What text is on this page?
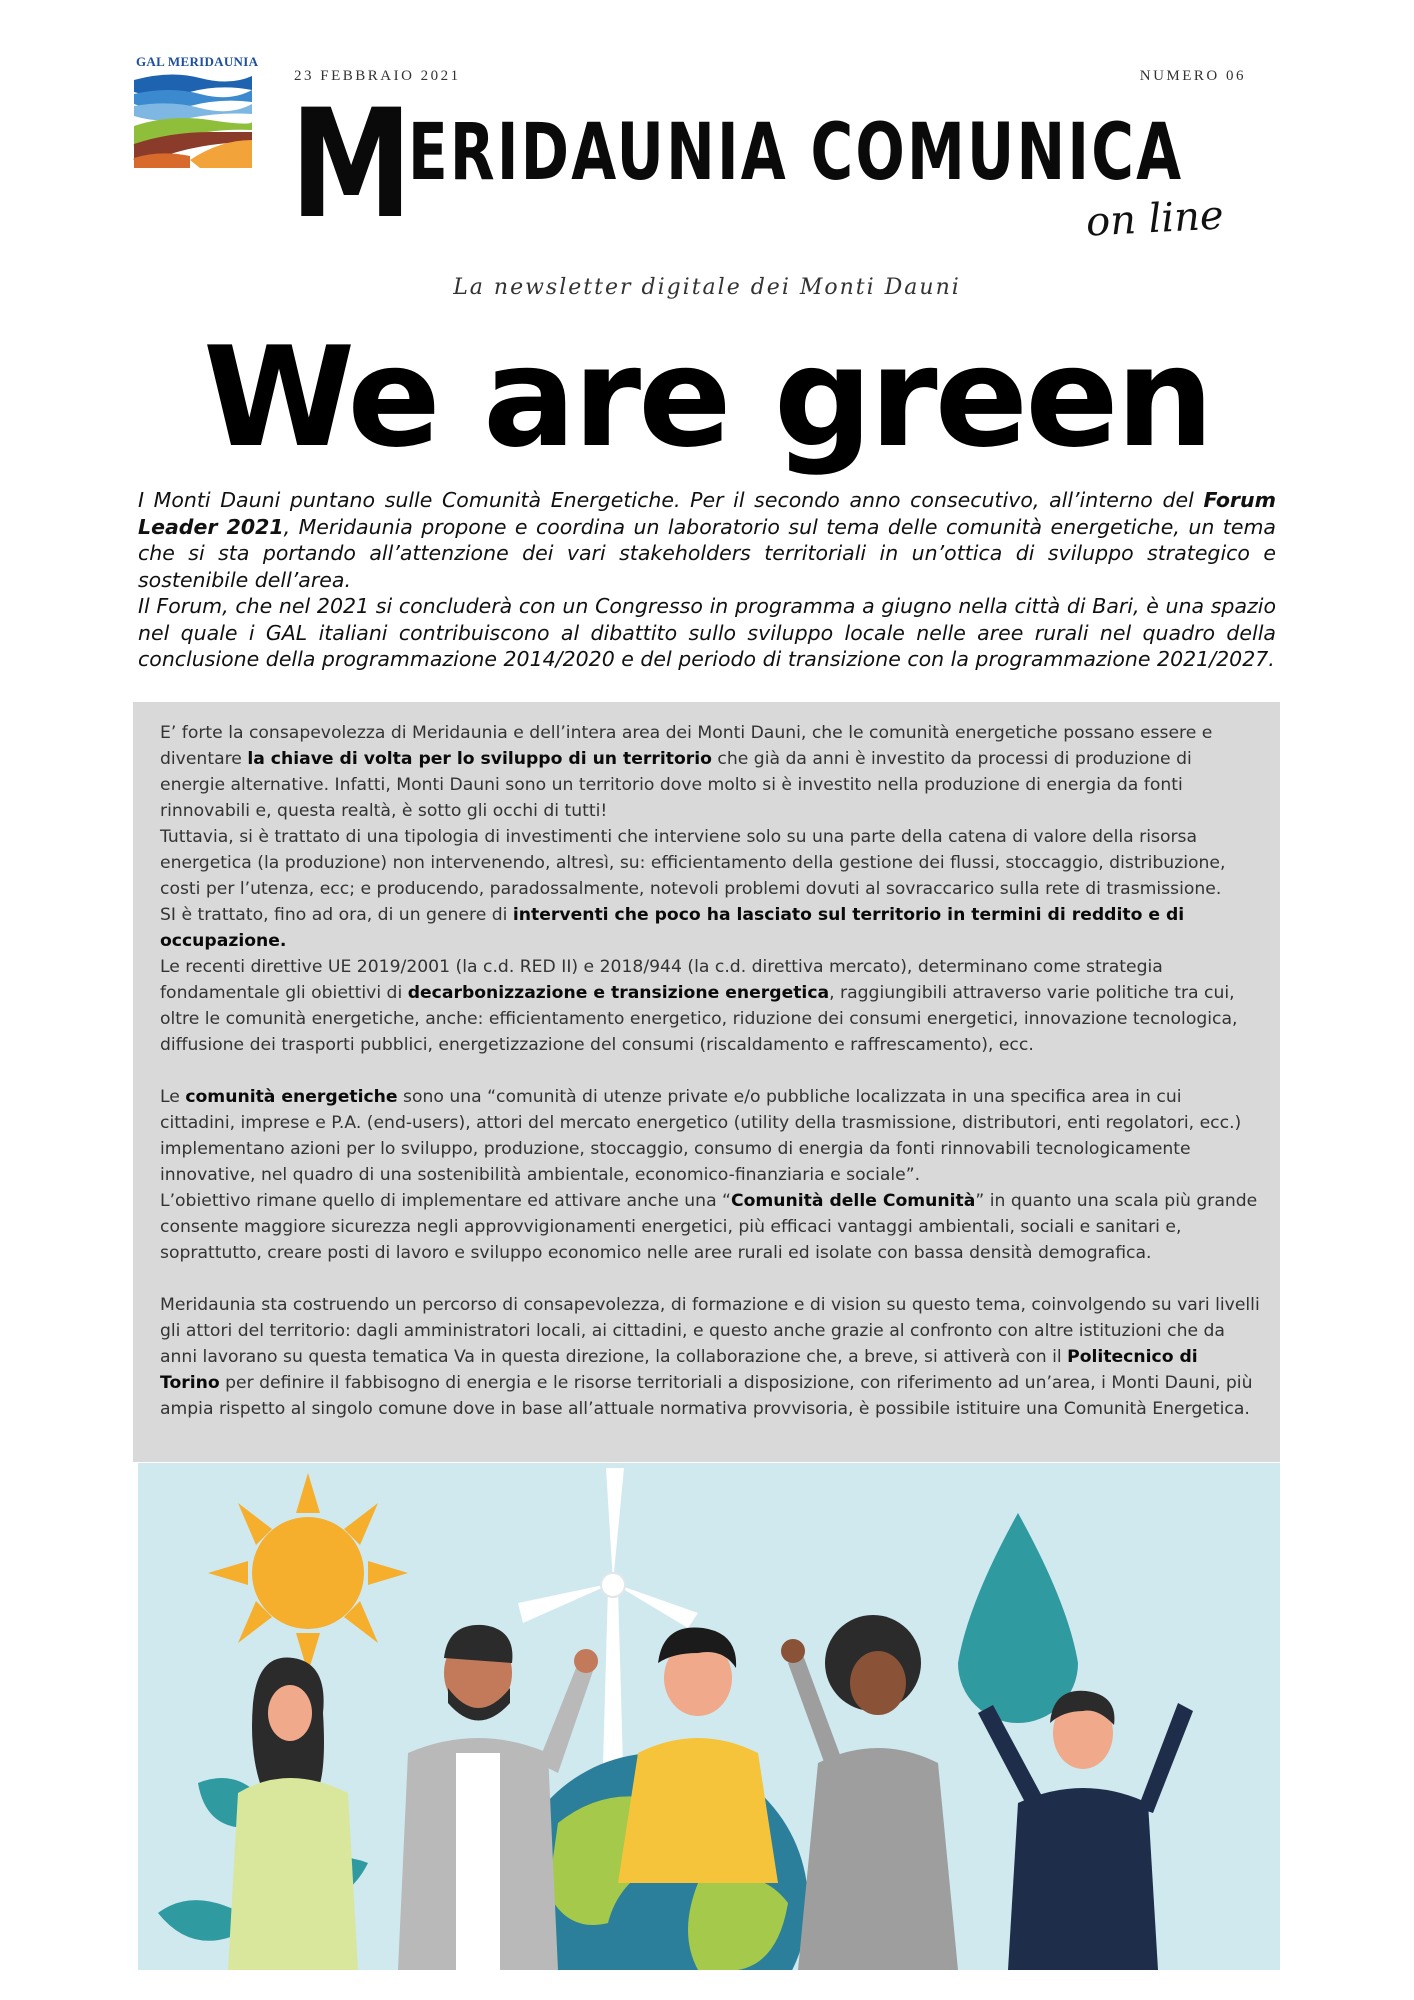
GAL MERIDAUNIA
23 FEBBRAIO 2021	NUMERO 06
M
ERIDAUNIA COMUNICA
on line
La newsletter digitale dei Monti Dauni
We are green

I Monti Dauni puntano sulle Comunità Energetiche. Per il secondo anno consecutivo, all’interno del Forum Leader 2021, Meridaunia propone e coordina un laboratorio sul tema delle comunità energetiche, un tema che si sta portando all’attenzione dei vari stakeholders territoriali in un’ottica di sviluppo strategico e sostenibile dell’area.

Il Forum, che nel 2021 si concluderà con un Congresso in programma a giugno nella città di Bari, è una spazio nel quale i GAL italiani contribuiscono al dibattito sullo sviluppo locale nelle aree rurali nel quadro della conclusione della programmazione 2014/2020 e del periodo di transizione con la programmazione 2021/2027.

E’ forte la consapevolezza di Meridaunia e dell’intera area dei Monti Dauni, che le comunità energetiche possano essere e diventare la chiave di volta per lo sviluppo di un territorio che già da anni è investito da processi di produzione di energie alternative. Infatti, Monti Dauni sono un territorio dove molto si è investito nella produzione di energia da fonti rinnovabili e, questa realtà, è sotto gli occhi di tutti!

Tuttavia, si è trattato di una tipologia di investimenti che interviene solo su una parte della catena di valore della risorsa energetica (la produzione) non intervenendo, altresì, su: efficientamento della gestione dei flussi, stoccaggio, distribuzione, costi per l’utenza, ecc; e producendo, paradossalmente, notevoli problemi dovuti al sovraccarico sulla rete di trasmissione.

SI è trattato, fino ad ora, di un genere di interventi che poco ha lasciato sul territorio in termini di reddito e di occupazione.

Le recenti direttive UE 2019/2001 (la c.d. RED II) e 2018/944 (la c.d. direttiva mercato), determinano come strategia fondamentale gli obiettivi di decarbonizzazione e transizione energetica, raggiungibili attraverso varie politiche tra cui, oltre le comunità energetiche, anche: efficientamento energetico, riduzione dei consumi energetici, innovazione tecnologica, diffusione dei trasporti pubblici, energetizzazione del consumi (riscaldamento e raffrescamento), ecc.

Le comunità energetiche sono una “comunità di utenze private e/o pubbliche localizzata in una specifica area in cui cittadini, imprese e P.A. (end-users), attori del mercato energetico (utility della trasmissione, distributori, enti regolatori, ecc.) implementano azioni per lo sviluppo, produzione, stoccaggio, consumo di energia da fonti rinnovabili tecnologicamente innovative, nel quadro di una sostenibilità ambientale, economico-finanziaria e sociale”.

L’obiettivo rimane quello di implementare ed attivare anche una “Comunità delle Comunità” in quanto una scala più grande consente maggiore sicurezza negli approvvigionamenti energetici, più efficaci vantaggi ambientali, sociali e sanitari e, soprattutto, creare posti di lavoro e sviluppo economico nelle aree rurali ed isolate con bassa densità demografica.

Meridaunia sta costruendo un percorso di consapevolezza, di formazione e di vision su questo tema, coinvolgendo su vari livelli gli attori del territorio: dagli amministratori locali, ai cittadini, e questo anche grazie al confronto con altre istituzioni che da anni lavorano su questa tematica Va in questa direzione, la collaborazione che, a breve, si attiverà con il Politecnico di Torino per definire il fabbisogno di energia e le risorse territoriali a disposizione, con riferimento ad un’area, i Monti Dauni, più ampia rispetto al singolo comune dove in base all’attuale normativa provvisoria, è possibile istituire una Comunità Energetica.
